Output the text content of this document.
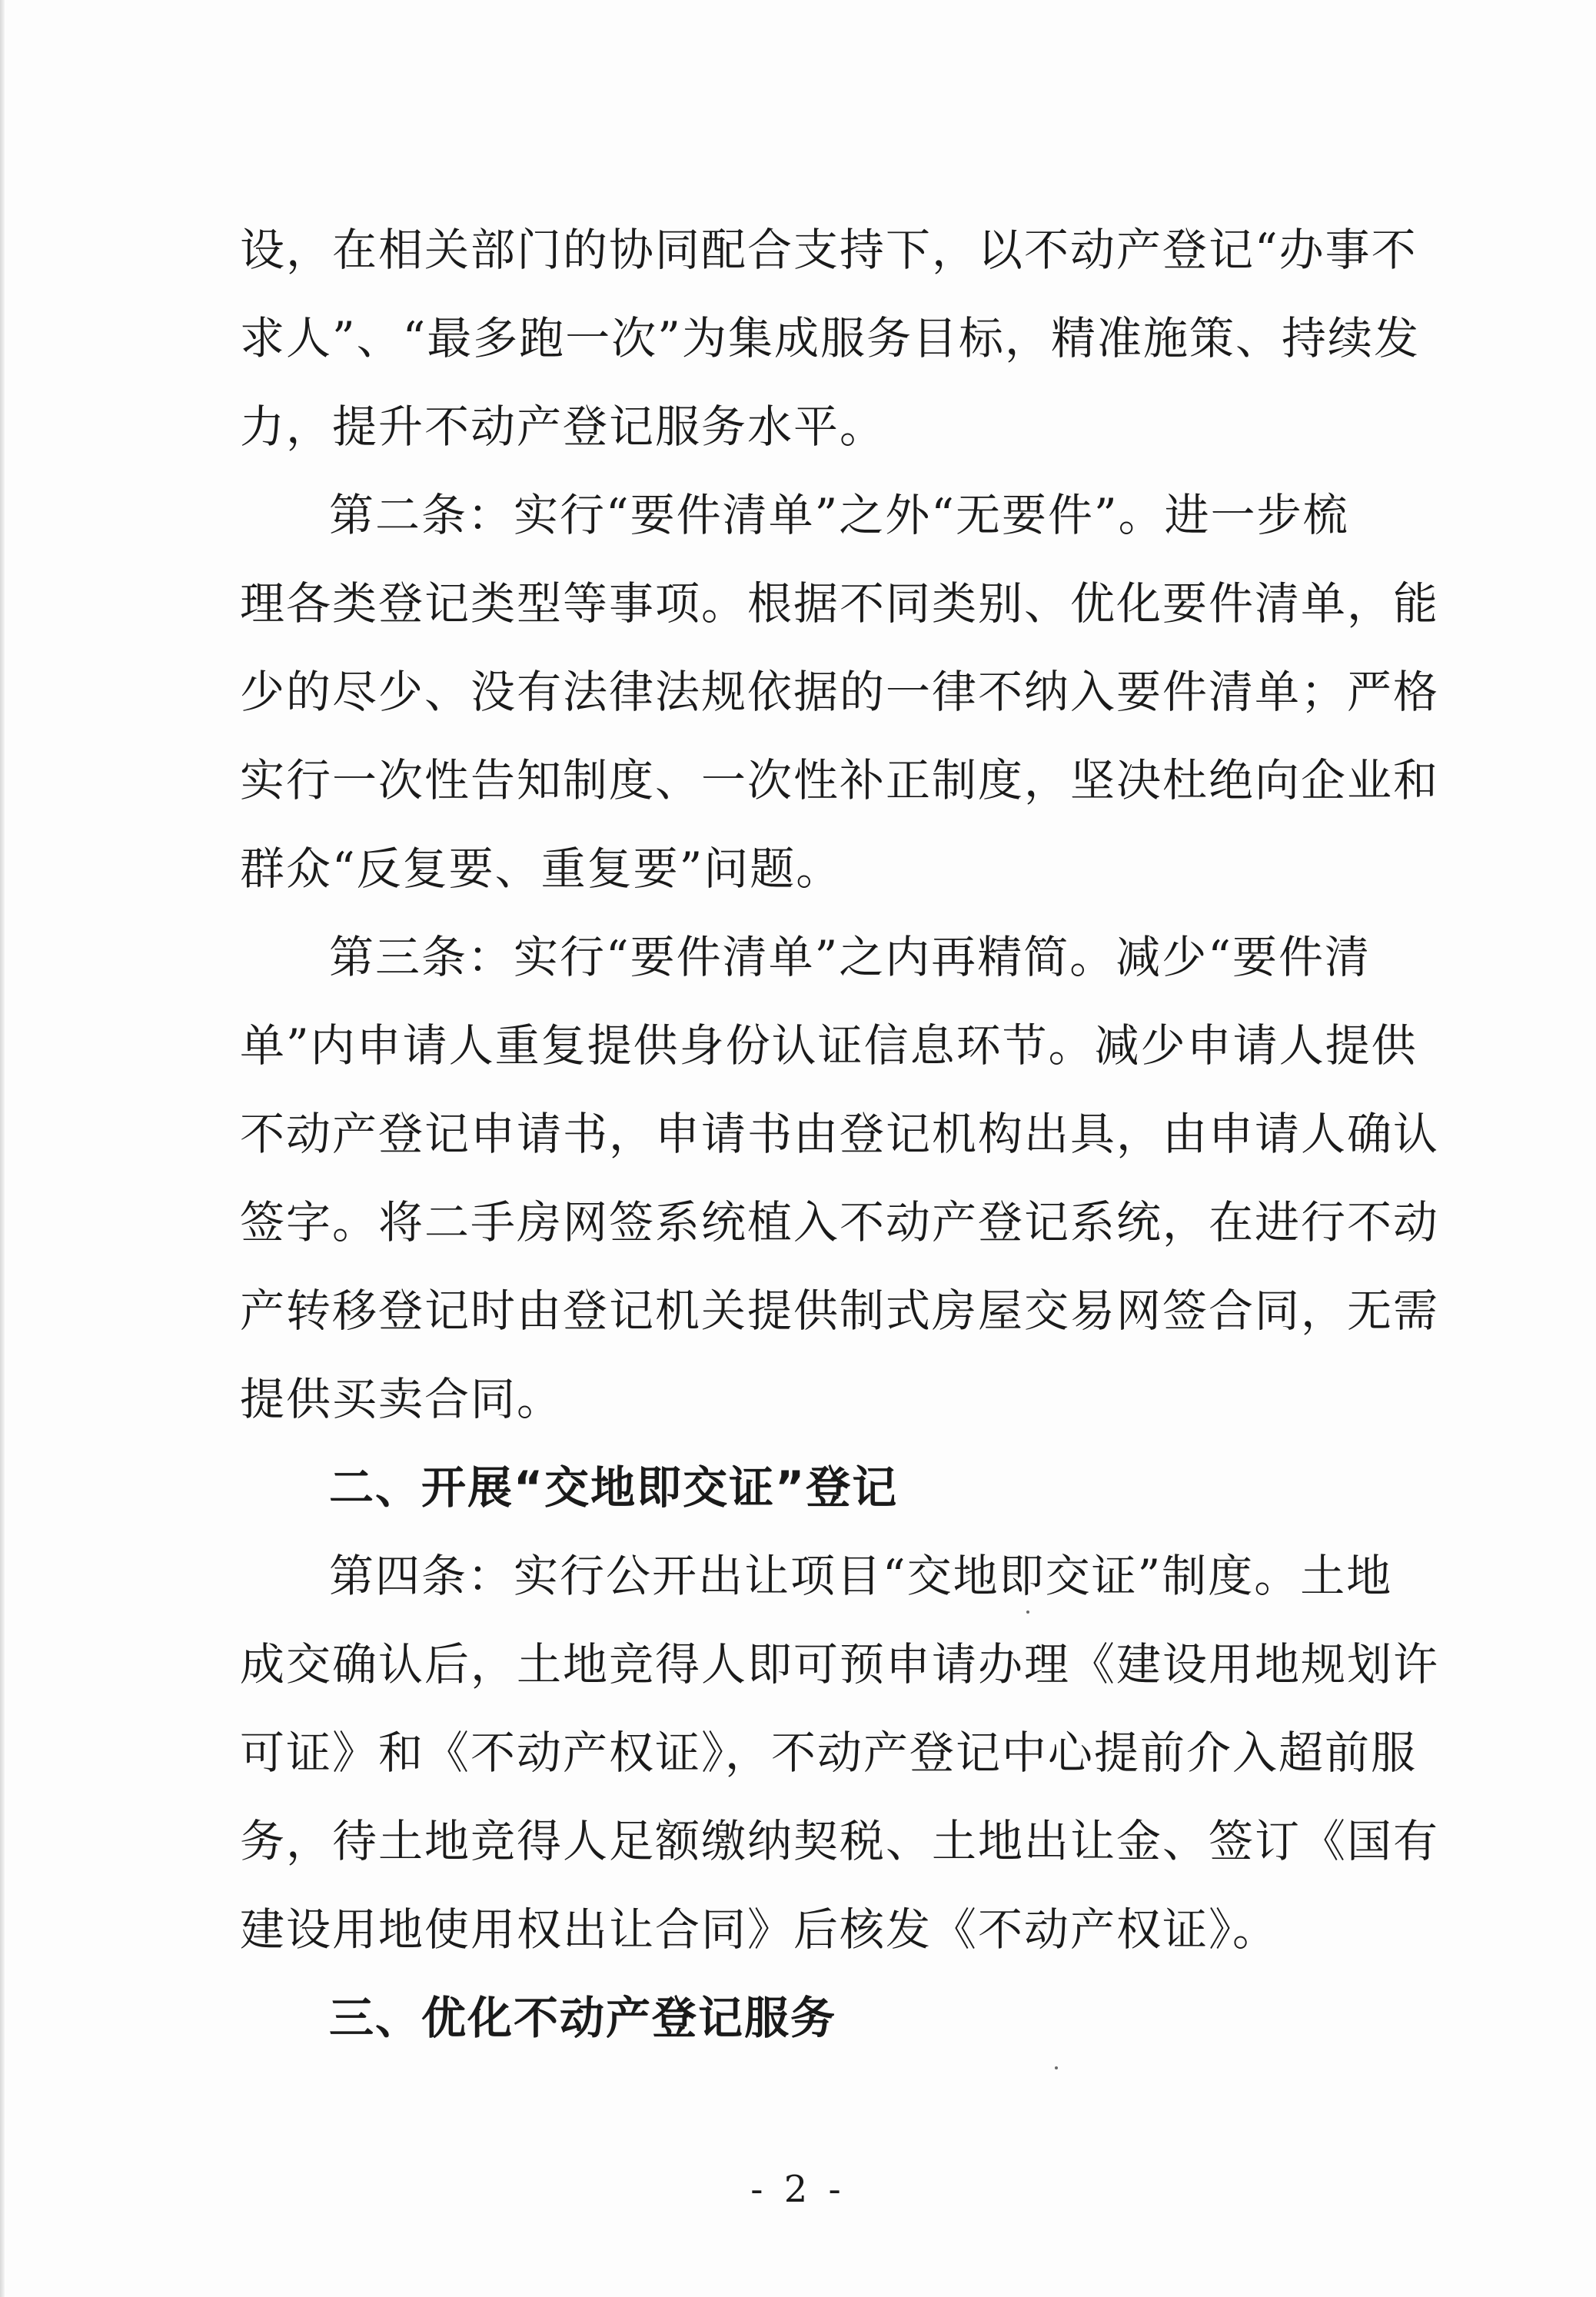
设，在相关部门的协同配合支持下，以不动产登记“办事不
求人”、“最多跑一次”为集成服务目标，精准施策、持续发
力，提升不动产登记服务水平。
第二条：实行“要件清单”之外“无要件”。进一步梳
理各类登记类型等事项。根据不同类别、优化要件清单，能
少的尽少、没有法律法规依据的一律不纳入要件清单；严格
实行一次性告知制度、一次性补正制度，坚决杜绝向企业和
群众“反复要、重复要”问题。
第三条：实行“要件清单”之内再精简。减少“要件清
单”内申请人重复提供身份认证信息环节。减少申请人提供
不动产登记申请书，申请书由登记机构出具，由申请人确认
签字。将二手房网签系统植入不动产登记系统，在进行不动
产转移登记时由登记机关提供制式房屋交易网签合同，无需
提供买卖合同。
二、开展“交地即交证”登记
第四条：实行公开出让项目“交地即交证”制度。土地
成交确认后，土地竞得人即可预申请办理《建设用地规划许
可证》和《不动产权证》，不动产登记中心提前介入超前服
务，待土地竞得人足额缴纳契税、土地出让金、签订《国有
建设用地使用权出让合同》后核发《不动产权证》。
三、优化不动产登记服务
- 2 -
